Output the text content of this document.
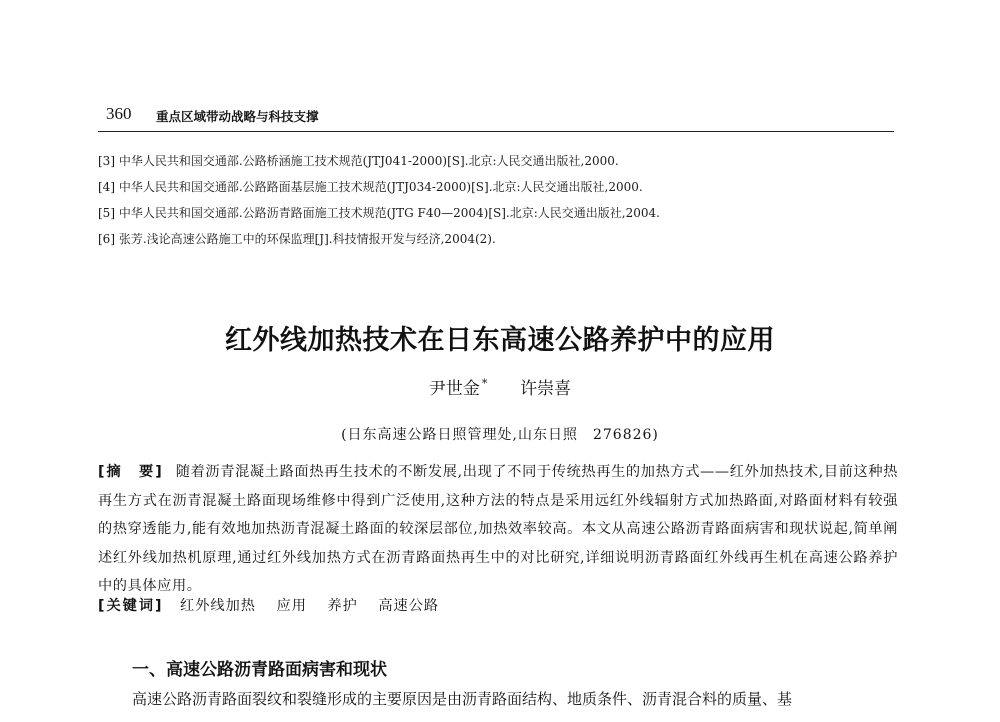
360 重点区域带动战略与科技支撑
[3] 中华人民共和国交通部.公路桥涵施工技术规范(JTJ041-2000)[S].北京:人民交通出版社,2000.
[4] 中华人民共和国交通部.公路路面基层施工技术规范(JTJ034-2000)[S].北京:人民交通出版社,2000.
[5] 中华人民共和国交通部.公路沥青路面施工技术规范(JTG F40—2004)[S].北京:人民交通出版社,2004.
[6] 张芳.浅论高速公路施工中的环保监理[J].科技情报开发与经济,2004(2).
红外线加热技术在日东高速公路养护中的应用
尹世金 * 许崇喜
(日东高速公路日照管理处,山东日照　276826)
[摘　要] 随着沥青混凝土路面热再生技术的不断发展,出现了不同于传统热再生的加热方式——红外加热技术,目前这种热再生方式在沥青混凝土路面现场维修中得到广泛使用,这种方法的特点是采用远红外线辐射方式加热路面,对路面材料有较强的热穿透能力,能有效地加热沥青混凝土路面的较深层部位,加热效率较高。本文从高速公路沥青路面病害和现状说起,简单阐述红外线加热机原理,通过红外线加热方式在沥青路面热再生中的对比研究,详细说明沥青路面红外线再生机在高速公路养护中的具体应用。
[关键词] 红外线加热 应用 养护 高速公路
一、高速公路沥青路面病害和现状
高速公路沥青路面裂纹和裂缝形成的主要原因是由沥青路面结构、地质条件、沥青混合料的质量、基
